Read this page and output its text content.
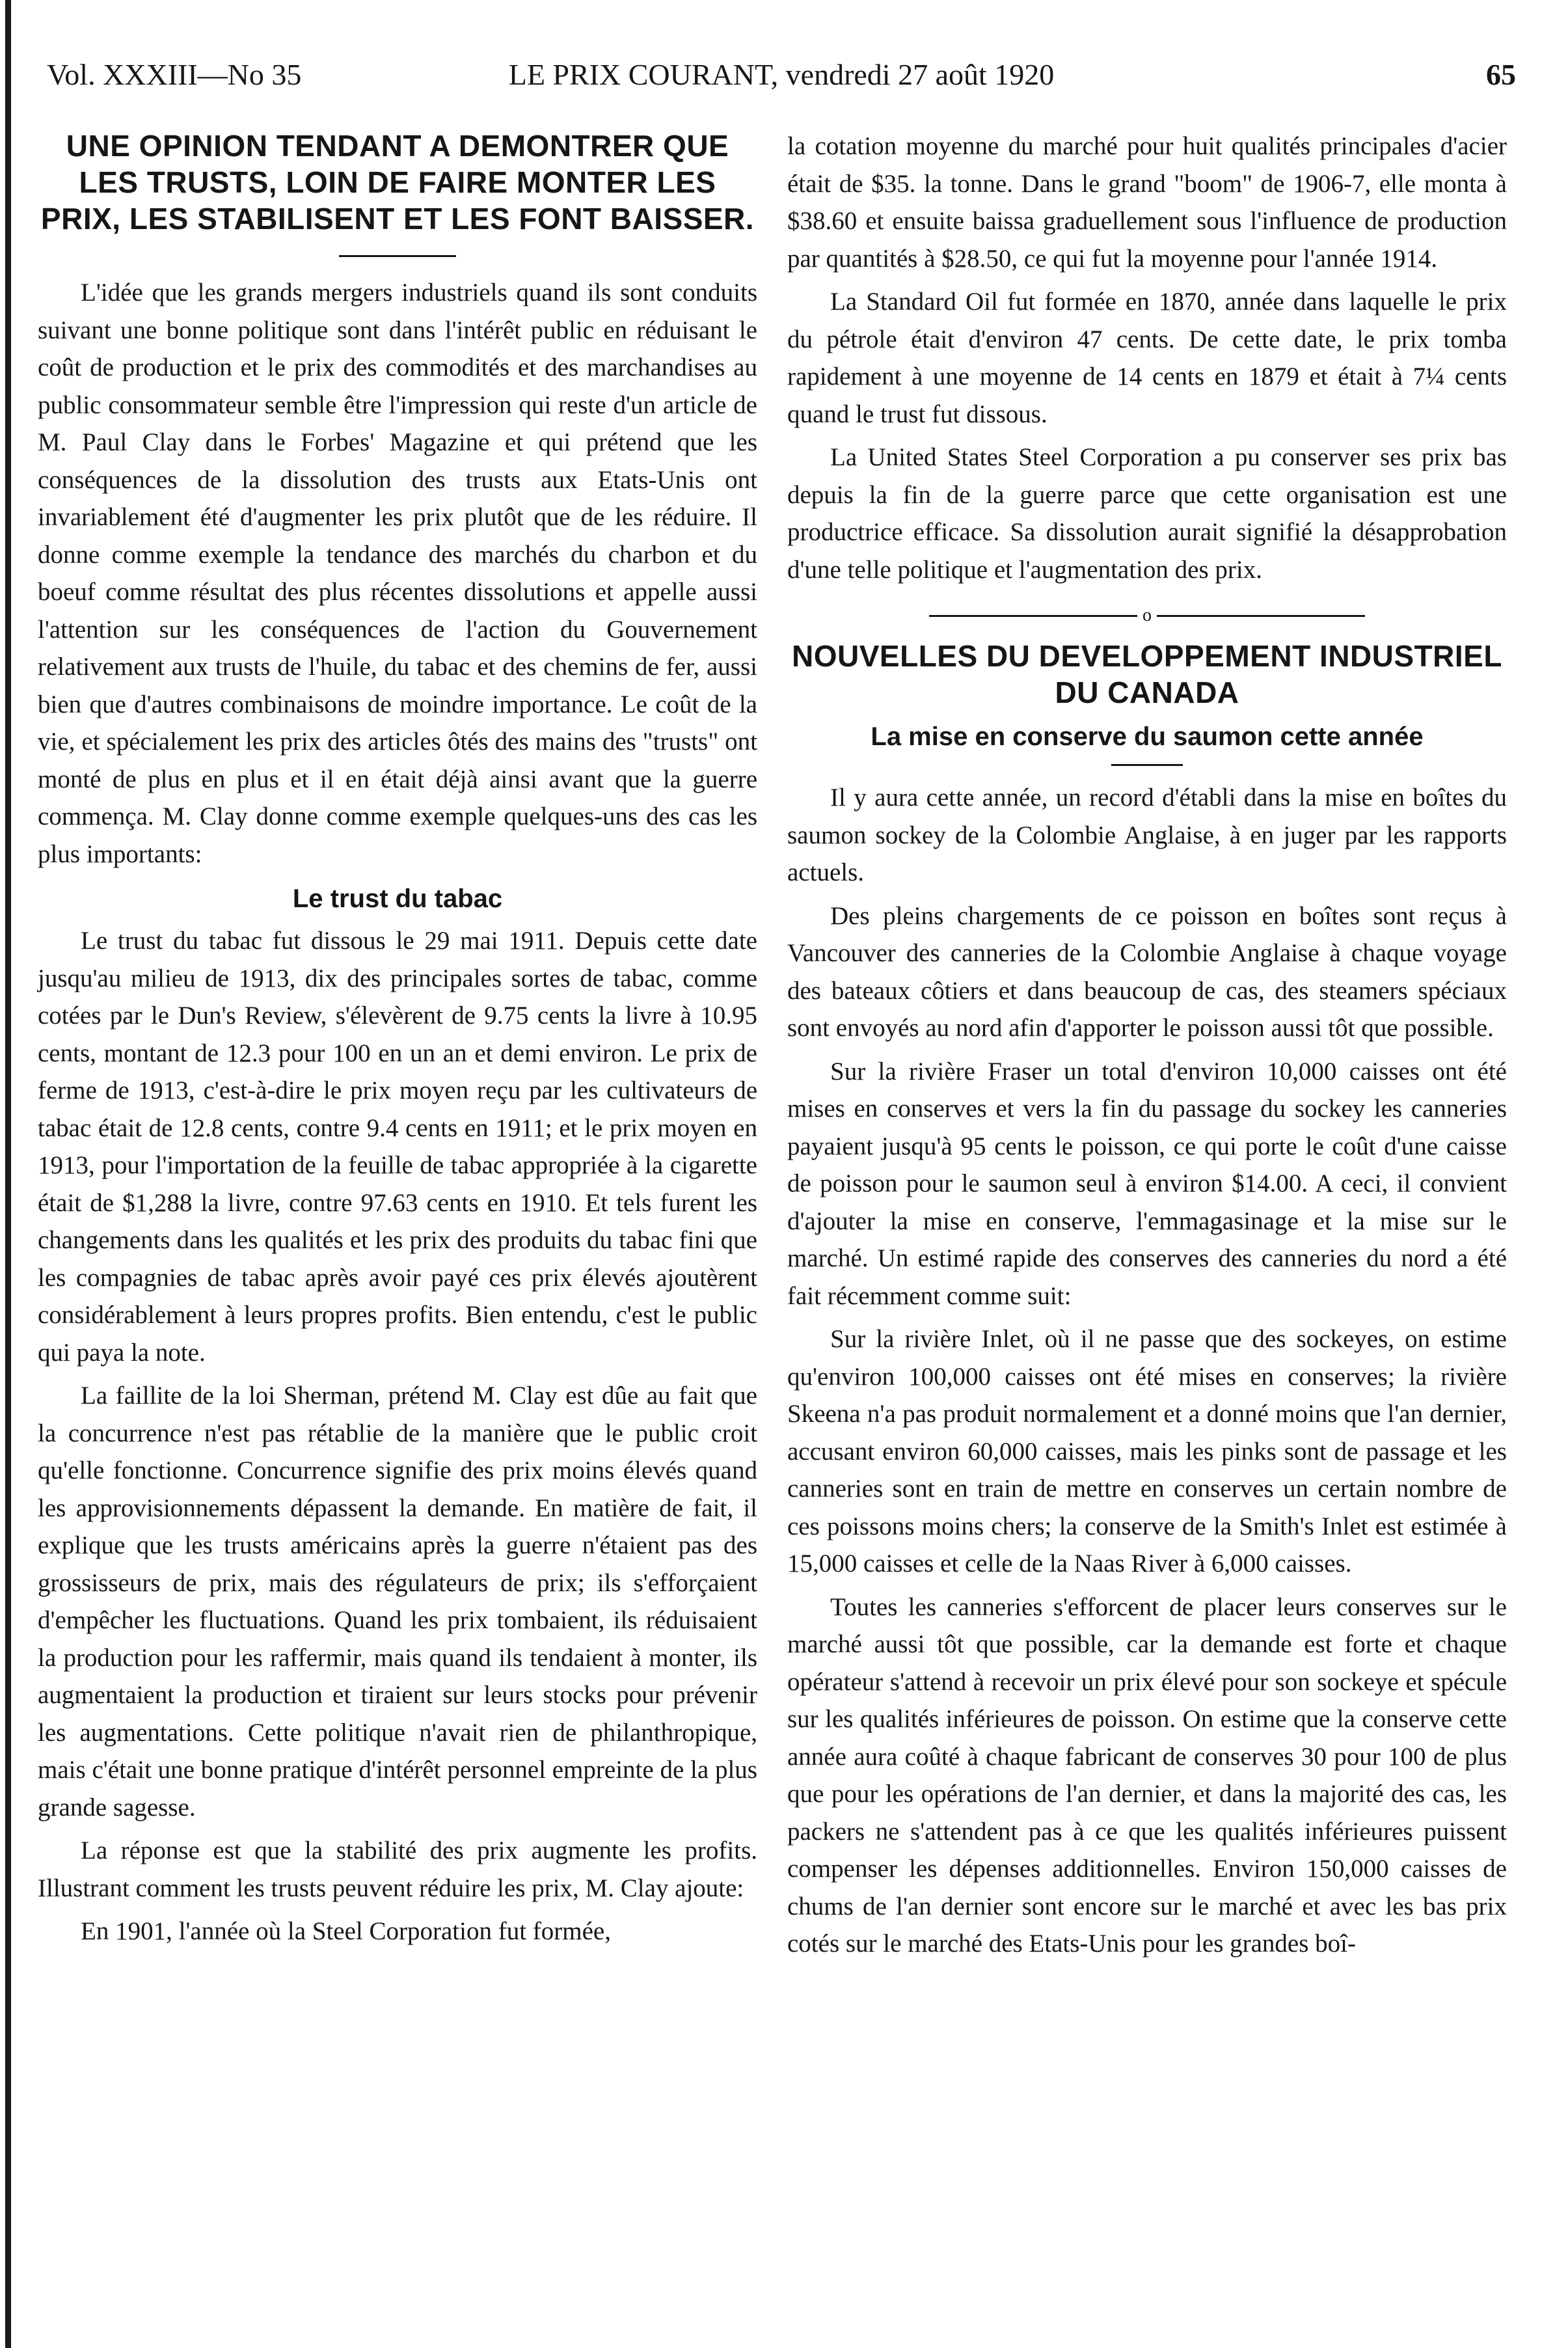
Vol. XXXIII—No 35	LE PRIX COURANT, vendredi 27 août 1920	65
UNE OPINION TENDANT A DEMONTRER QUE LES TRUSTS, LOIN DE FAIRE MONTER LES PRIX, LES STABILISENT ET LES FONT BAISSER.

L'idée que les grands mergers industriels quand ils sont conduits suivant une bonne politique sont dans l'intérêt public en réduisant le coût de production et le prix des commodités et des marchandises au public consommateur semble être l'impression qui reste d'un article de M. Paul Clay dans le Forbes' Magazine et qui prétend que les conséquences de la dissolution des trusts aux Etats-Unis ont invariablement été d'augmenter les prix plutôt que de les réduire. Il donne comme exemple la tendance des marchés du charbon et du boeuf comme résultat des plus récentes dissolutions et appelle aussi l'attention sur les conséquences de l'action du Gouvernement relativement aux trusts de l'huile, du tabac et des chemins de fer, aussi bien que d'autres combinaisons de moindre importance. Le coût de la vie, et spécialement les prix des articles ôtés des mains des "trusts" ont monté de plus en plus et il en était déjà ainsi avant que la guerre commença. M. Clay donne comme exemple quelques-uns des cas les plus importants:

Le trust du tabac

Le trust du tabac fut dissous le 29 mai 1911. Depuis cette date jusqu'au milieu de 1913, dix des principales sortes de tabac, comme cotées par le Dun's Review, s'élevèrent de 9.75 cents la livre à 10.95 cents, montant de 12.3 pour 100 en un an et demi environ. Le prix de ferme de 1913, c'est-à-dire le prix moyen reçu par les cultivateurs de tabac était de 12.8 cents, contre 9.4 cents en 1911; et le prix moyen en 1913, pour l'importation de la feuille de tabac appropriée à la cigarette était de $1,288 la livre, contre 97.63 cents en 1910. Et tels furent les changements dans les qualités et les prix des produits du tabac fini que les compagnies de tabac après avoir payé ces prix élevés ajoutèrent considérablement à leurs propres profits. Bien entendu, c'est le public qui paya la note.

La faillite de la loi Sherman, prétend M. Clay est dûe au fait que la concurrence n'est pas rétablie de la manière que le public croit qu'elle fonctionne. Concurrence signifie des prix moins élevés quand les approvisionnements dépassent la demande. En matière de fait, il explique que les trusts américains après la guerre n'étaient pas des grossisseurs de prix, mais des régulateurs de prix; ils s'efforçaient d'empêcher les fluctuations. Quand les prix tombaient, ils réduisaient la production pour les raffermir, mais quand ils tendaient à monter, ils augmentaient la production et tiraient sur leurs stocks pour prévenir les augmentations. Cette politique n'avait rien de philanthropique, mais c'était une bonne pratique d'intérêt personnel empreinte de la plus grande sagesse.

La réponse est que la stabilité des prix augmente les profits. Illustrant comment les trusts peuvent réduire les prix, M. Clay ajoute:

En 1901, l'année où la Steel Corporation fut formée,

la cotation moyenne du marché pour huit qualités principales d'acier était de $35. la tonne. Dans le grand "boom" de 1906-7, elle monta à $38.60 et ensuite baissa graduellement sous l'influence de production par quantités à $28.50, ce qui fut la moyenne pour l'année 1914.

La Standard Oil fut formée en 1870, année dans laquelle le prix du pétrole était d'environ 47 cents. De cette date, le prix tomba rapidement à une moyenne de 14 cents en 1879 et était à 7¼ cents quand le trust fut dissous.

La United States Steel Corporation a pu conserver ses prix bas depuis la fin de la guerre parce que cette organisation est une productrice efficace. Sa dissolution aurait signifié la désapprobation d'une telle politique et l'augmentation des prix.

o
NOUVELLES DU DEVELOPPEMENT INDUSTRIEL DU CANADA
La mise en conserve du saumon cette année

Il y aura cette année, un record d'établi dans la mise en boîtes du saumon sockey de la Colombie Anglaise, à en juger par les rapports actuels.

Des pleins chargements de ce poisson en boîtes sont reçus à Vancouver des canneries de la Colombie Anglaise à chaque voyage des bateaux côtiers et dans beaucoup de cas, des steamers spéciaux sont envoyés au nord afin d'apporter le poisson aussi tôt que possible.

Sur la rivière Fraser un total d'environ 10,000 caisses ont été mises en conserves et vers la fin du passage du sockey les canneries payaient jusqu'à 95 cents le poisson, ce qui porte le coût d'une caisse de poisson pour le saumon seul à environ $14.00. A ceci, il convient d'ajouter la mise en conserve, l'emmagasinage et la mise sur le marché. Un estimé rapide des conserves des canneries du nord a été fait récemment comme suit:

Sur la rivière Inlet, où il ne passe que des sockeyes, on estime qu'environ 100,000 caisses ont été mises en conserves; la rivière Skeena n'a pas produit normalement et a donné moins que l'an dernier, accusant environ 60,000 caisses, mais les pinks sont de passage et les canneries sont en train de mettre en conserves un certain nombre de ces poissons moins chers; la conserve de la Smith's Inlet est estimée à 15,000 caisses et celle de la Naas River à 6,000 caisses.

Toutes les canneries s'efforcent de placer leurs conserves sur le marché aussi tôt que possible, car la demande est forte et chaque opérateur s'attend à recevoir un prix élevé pour son sockeye et spécule sur les qualités inférieures de poisson. On estime que la conserve cette année aura coûté à chaque fabricant de conserves 30 pour 100 de plus que pour les opérations de l'an dernier, et dans la majorité des cas, les packers ne s'attendent pas à ce que les qualités inférieures puissent compenser les dépenses additionnelles. Environ 150,000 caisses de chums de l'an dernier sont encore sur le marché et avec les bas prix cotés sur le marché des Etats-Unis pour les grandes boî-
